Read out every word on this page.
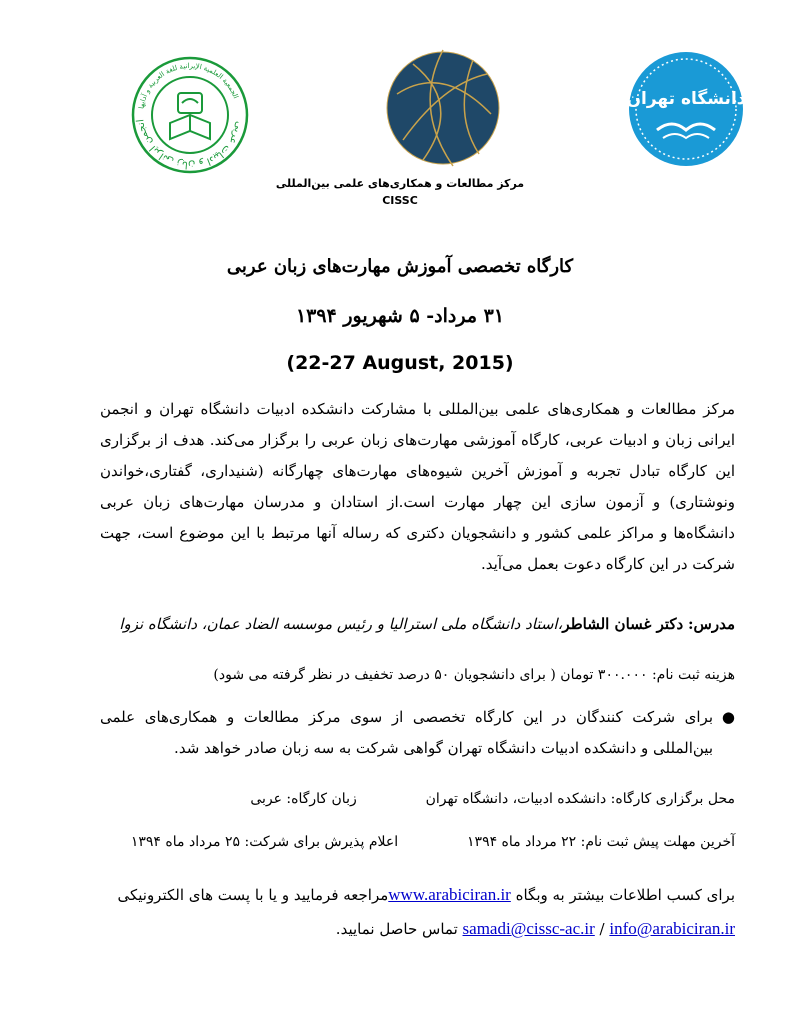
انجمن ایرانی زبان و ادبیات عربی
الجمعیة العلمیة الإیرانیة للغة العربیة و آدابها	دانشگاه تهران
مرکز مطالعات و همکاری‌های علمی بین‌المللی
CISSC
کارگاه تخصصی آموزش مهارت‌های زبان عربی
۳۱ مرداد- ۵ شهریور ۱۳۹۴
(22-27 August, 2015)
مرکز مطالعات و همکاری‌های علمی بین‌المللی با مشارکت دانشکده ادبیات دانشگاه تهران و انجمن ایرانی زبان و ادبیات عربی، کارگاه آموزشی مهارت‌های زبان عربی را برگزار می‌کند. هدف از برگزاری این کارگاه تبادل تجربه و آموزش آخرین شیوه‌های مهارت‌های چهارگانه (شنیداری، گفتاری،خواندن ونوشتاری) و آزمون سازی این چهار مهارت است.از استادان و مدرسان مهارت‌های زبان عربی دانشگاه‌ها و مراکز علمی کشور و دانشجویان دکتری که رساله آنها مرتبط با این موضوع است، جهت شرکت در این کارگاه دعوت بعمل می‌آید.
مدرس: دکتر غسان الشاطر،استاد دانشگاه ملی استرالیا و رئیس موسسه الضاد عمان، دانشگاه نزوا
هزینه ثبت نام: ۳۰۰.۰۰۰ تومان ( برای دانشجویان ۵۰ درصد تخفیف در نظر گرفته می شود)
●
برای شرکت کنندگان در این کارگاه تخصصی از سوی مرکز مطالعات و همکاری‌های علمی بین‌المللی و دانشکده ادبیات دانشگاه تهران گواهی شرکت به سه زبان صادر خواهد شد.
محل برگزاری کارگاه: دانشکده ادبیات، دانشگاه تهران  زبان کارگاه: عربی
آخرین مهلت پیش ثبت نام: ۲۲ مرداد ماه ۱۳۹۴  اعلام پذیرش برای شرکت: ۲۵ مرداد ماه ۱۳۹۴
برای کسب اطلاعات بیشتر به وبگاه www.arabiciran.irمراجعه فرمایید و یا با پست های الکترونیکی
info@arabiciran.ir / samadi@cissc-ac.ir تماس حاصل نمایید.
